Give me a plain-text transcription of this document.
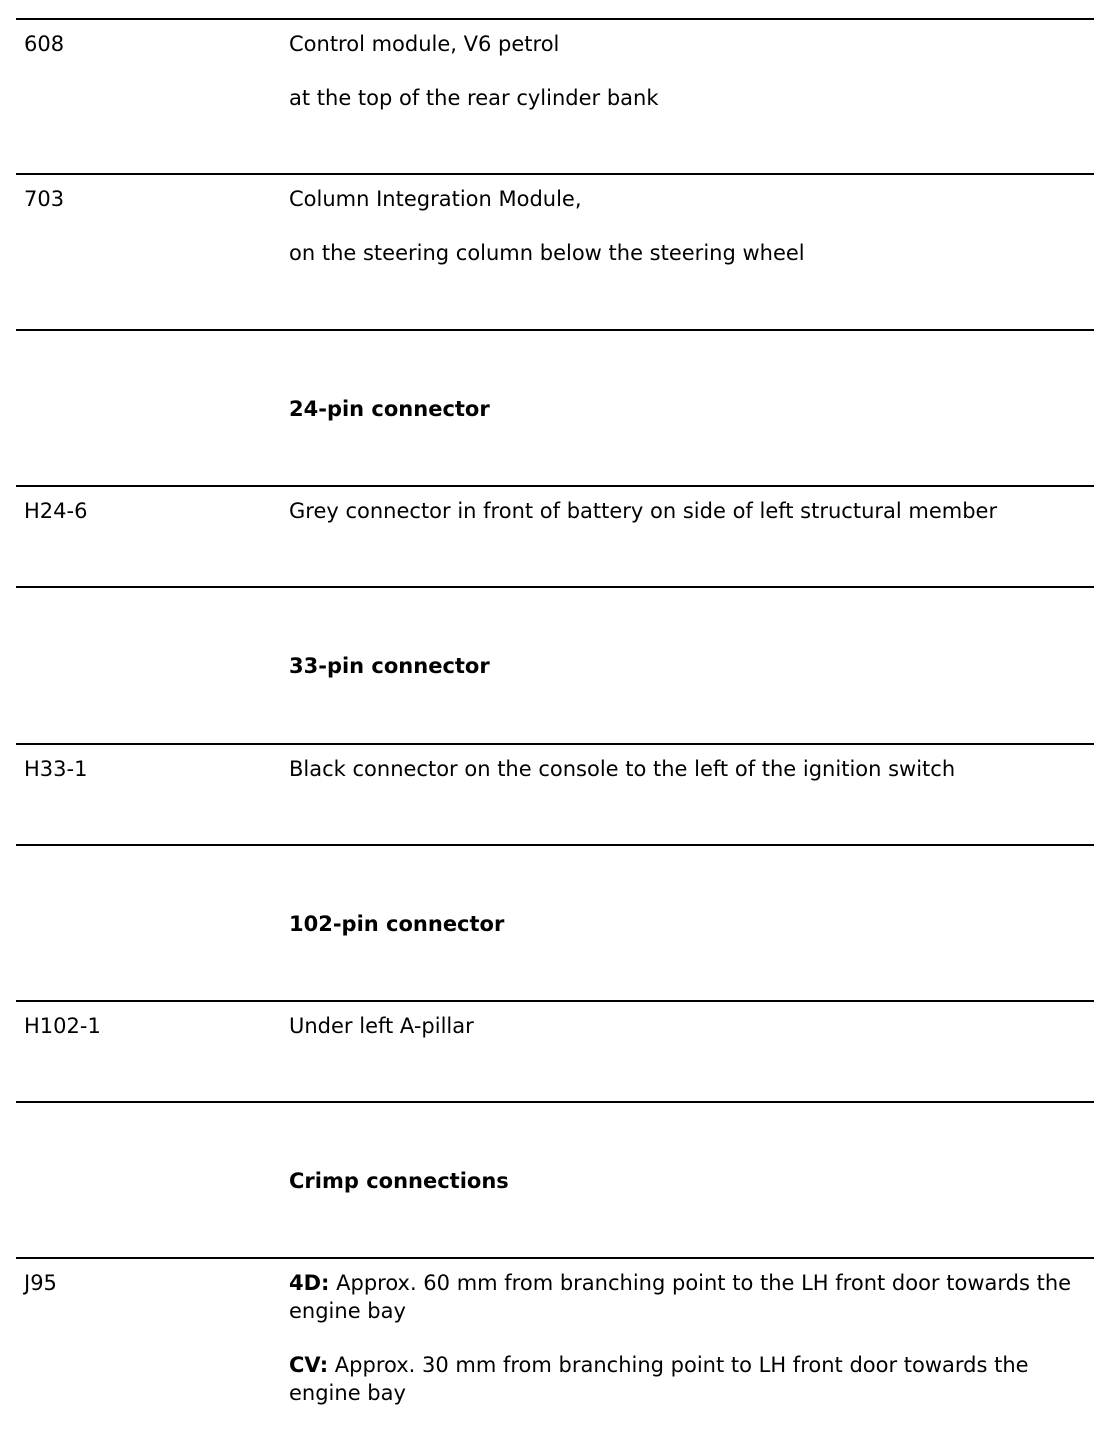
608	Control module, V6 petrol

at the top of the rear cylinder bank

703	Column Integration Module,

on the steering column below the steering wheel

24-pin connector
H24-6	Grey connector in front of battery on side of left structural member

33-pin connector
H33-1	Black connector on the console to the left of the ignition switch

102-pin connector
H102-1	Under left A-pillar

Crimp connections
J95	4D: Approx. 60 mm from branching point to the LH front door towards the engine bay

CV: Approx. 30 mm from branching point to LH front door towards the engine bay
